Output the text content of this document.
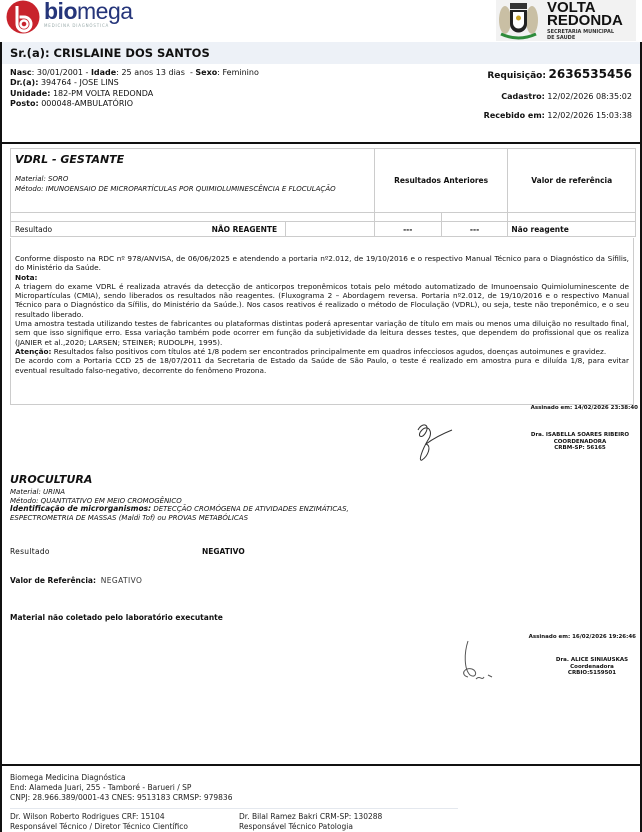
biomega
MEDICINA DIAGNÓSTICA
VOLTA
REDONDA
SECRETARIA MUNICIPAL
DE SAUDE
Sr.(a): CRISLAINE DOS SANTOS
Nasc: 30/01/2001 - Idade: 25 anos 13 dias  - Sexo: Feminino
Dr.(a): 394764 - JOSE LINS
Unidade: 182-PM VOLTA REDONDA
Posto: 000048-AMBULATÓRIO
Requisição: 2636535456
Cadastro: 12/02/2026 08:35:02
Recebido em: 12/02/2026 15:03:38
VDRL - GESTANTE
Material: SORO
Método: IMUNOENSAIO DE MICROPARTÍCULAS POR QUIMIOLUMINESCÊNCIA E FLOCULAÇÃO
Resultados Anteriores	Valor de referência
Resultado	NÃO REAGENTE	---	---	Não reagente
Conforme disposto na RDC nº 978/ANVISA, de 06/06/2025 e atendendo a portaria nº2.012, de 19/10/2016 e o respectivo Manual Técnico para o Diagnóstico da Sífilis, do Ministério da Saúde.
Nota:
A triagem do exame VDRL é realizada através da detecção de anticorpos treponêmicos totais pelo método automatizado de Imunoensaio Quimioluminescente de Micropartículas (CMIA), sendo liberados os resultados não reagentes. (Fluxograma 2 – Abordagem reversa. Portaria nº2.012, de 19/10/2016 e o respectivo Manual Técnico para o Diagnóstico da Sífilis, do Ministério da Saúde.). Nos casos reativos é realizado o método de Floculação (VDRL), ou seja, teste não treponêmico, e o seu resultado liberado.
Uma amostra testada utilizando testes de fabricantes ou plataformas distintas poderá apresentar variação de título em mais ou menos uma diluição no resultado final, sem que isso signifique erro. Essa variação também pode ocorrer em função da subjetividade da leitura desses testes, que dependem do profissional que os realiza (JANIER et al.,2020; LARSEN; STEINER; RUDOLPH, 1995).
Atenção: Resultados falso positivos com títulos até 1/8 podem ser encontrados principalmente em quadros infecciosos agudos, doenças autoimunes e gravidez.
De acordo com a Portaria CCD 25 de 18/07/2011 da Secretaria de Estado da Saúde de São Paulo, o teste é realizado em amostra pura e diluída 1/8, para evitar eventual resultado falso-negativo, decorrente do fenômeno Prozona.
Assinado em: 14/02/2026 23:38:40
Dra. ISABELLA SOARES RIBEIRO
COORDENADORA
CRBM-SP: 56165
UROCULTURA
Material: URINA
Método: QUANTITATIVO EM MEIO CROMOGÊNICO
Identificação de microrganismos: DETECÇÃO CROMÓGENA DE ATIVIDADES ENZIMÁTICAS, ESPECTROMETRIA DE MASSAS (Maldi Tof) ou PROVAS METABÓLICAS
Resultado	NEGATIVO
Valor de Referência: NEGATIVO
Material não coletado pelo laboratório executante
Assinado em: 16/02/2026 19:26:46
Dra. ALICE SINIAUSKAS
Coordenadora
CRBIO:5159501
Biomega Medicina Diagnóstica
End: Alameda Juari, 255 - Tamboré - Barueri / SP
CNPJ: 28.966.389/0001-43 CNES: 9513183 CRMSP: 979836
Dr. Wilson Roberto Rodrigues CRF: 15104
Responsável Técnico / Diretor Técnico Científico
Dr. Bilal Ramez Bakri CRM-SP: 130288
Responsável Técnico Patologia
